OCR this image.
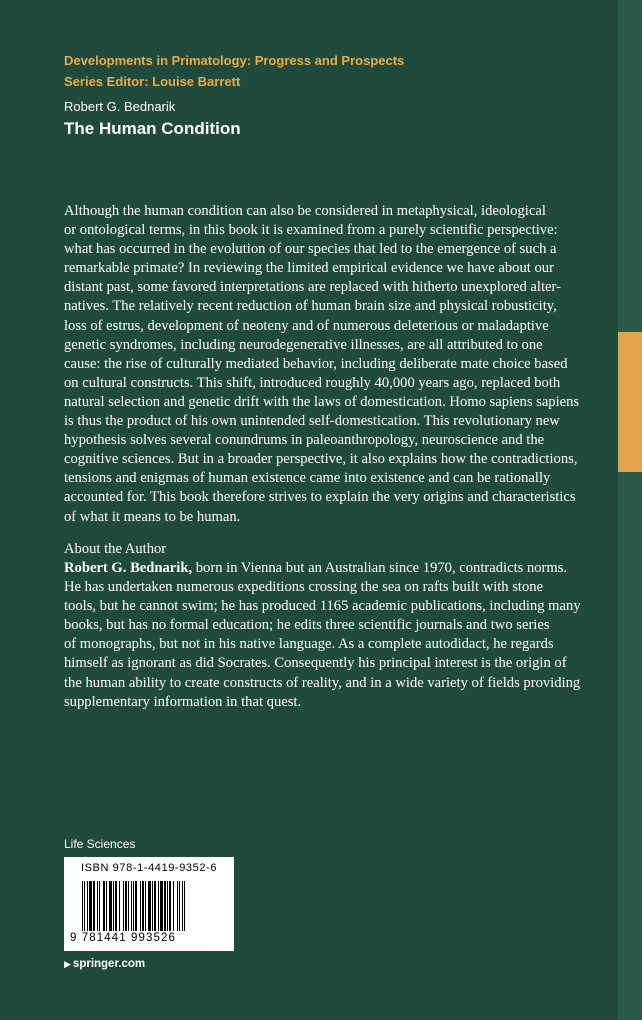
Developments in Primatology: Progress and Prospects
Series Editor: Louise Barrett
Robert G. Bednarik
The Human Condition
Although the human condition can also be considered in metaphysical, ideological
or ontological terms, in this book it is examined from a purely scientific perspective:
what has occurred in the evolution of our species that led to the emergence of such a
remarkable primate? In reviewing the limited empirical evidence we have about our
distant past, some favored interpretations are replaced with hitherto unexplored alter-
natives. The relatively recent reduction of human brain size and physical robusticity,
loss of estrus, development of neoteny and of numerous deleterious or maladaptive
genetic syndromes, including neurodegenerative illnesses, are all attributed to one
cause: the rise of culturally mediated behavior, including deliberate mate choice based
on cultural constructs. This shift, introduced roughly 40,000 years ago, replaced both
natural selection and genetic drift with the laws of domestication. Homo sapiens sapiens
is thus the product of his own unintended self-domestication. This revolutionary new
hypothesis solves several conundrums in paleoanthropology, neuroscience and the
cognitive sciences. But in a broader perspective, it also explains how the contradictions,
tensions and enigmas of human existence came into existence and can be rationally
accounted for. This book therefore strives to explain the very origins and characteristics
of what it means to be human.
About the Author
Robert G. Bednarik, born in Vienna but an Australian since 1970, contradicts norms.
He has undertaken numerous expeditions crossing the sea on rafts built with stone
tools, but he cannot swim; he has produced 1165 academic publications, including many
books, but has no formal education; he edits three scientific journals and two series
of monographs, but not in his native language. As a complete autodidact, he regards
himself as ignorant as did Socrates. Consequently his principal interest is the origin of
the human ability to create constructs of reality, and in a wide variety of fields providing
supplementary information in that quest.
Life Sciences
ISBN 978-1-4419-9352-6
9 781441 993526
▶ springer.com
